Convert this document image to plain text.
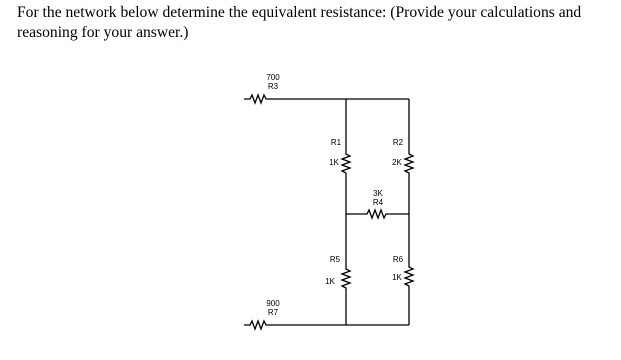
For the network below determine the equivalent resistance: (Provide your calculations and reasoning for your answer.)
700
R3
R1
1K
R5
1K
R2
2K
R6
1K
3K
R4
900
R7
